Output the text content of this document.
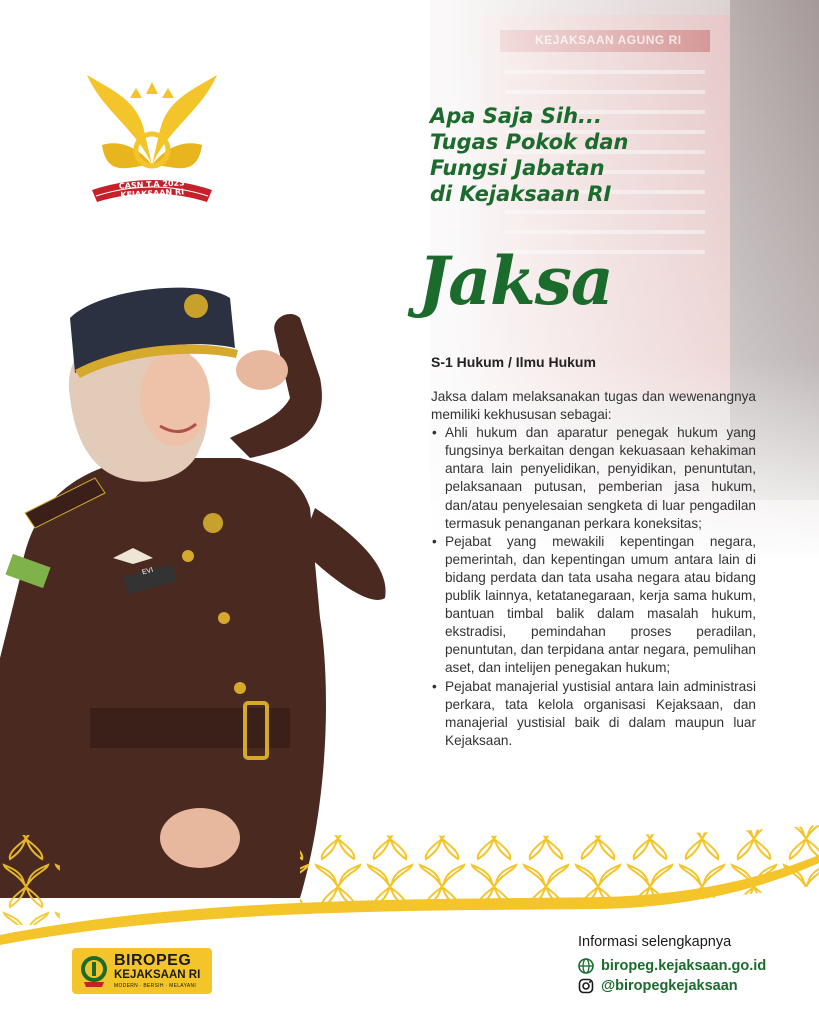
KEJAKSAAN AGUNG RI
CASN T.A 2023
KEJAKSAAN RI
Apa Saja Sih...
Tugas Pokok dan
Fungsi Jabatan
di Kejaksaan RI
Jaksa
S-1 Hukum / Ilmu Hukum

Jaksa dalam melaksanakan tugas dan wewenangnya memiliki kekhususan sebagai:

• Ahli hukum dan aparatur penegak hukum yang fungsinya berkaitan dengan kekuasaan kehakiman antara lain penyelidikan, penyidikan, penuntutan, pelaksanaan putusan, pemberian jasa hukum, dan/atau penyelesaian sengketa di luar pengadilan termasuk penanganan perkara koneksitas;
• Pejabat yang mewakili kepentingan negara, pemerintah, dan kepentingan umum antara lain di bidang perdata dan tata usaha negara atau bidang publik lainnya, ketatanegaraan, kerja sama hukum, bantuan timbal balik dalam masalah hukum, ekstradisi, pemindahan proses peradilan, penuntutan, dan terpidana antar negara, pemulihan aset, dan intelijen penegakan hukum;
• Pejabat manajerial yustisial antara lain administrasi perkara, tata kelola organisasi Kejaksaan, dan manajerial yustisial baik di dalam maupun luar Kejaksaan.
EVI
BIROPEG
KEJAKSAAN RI
MODERN · BERSIH · MELAYANI
Informasi selengkapnya
biropeg.kejaksaan.go.id
@biropegkejaksaan
